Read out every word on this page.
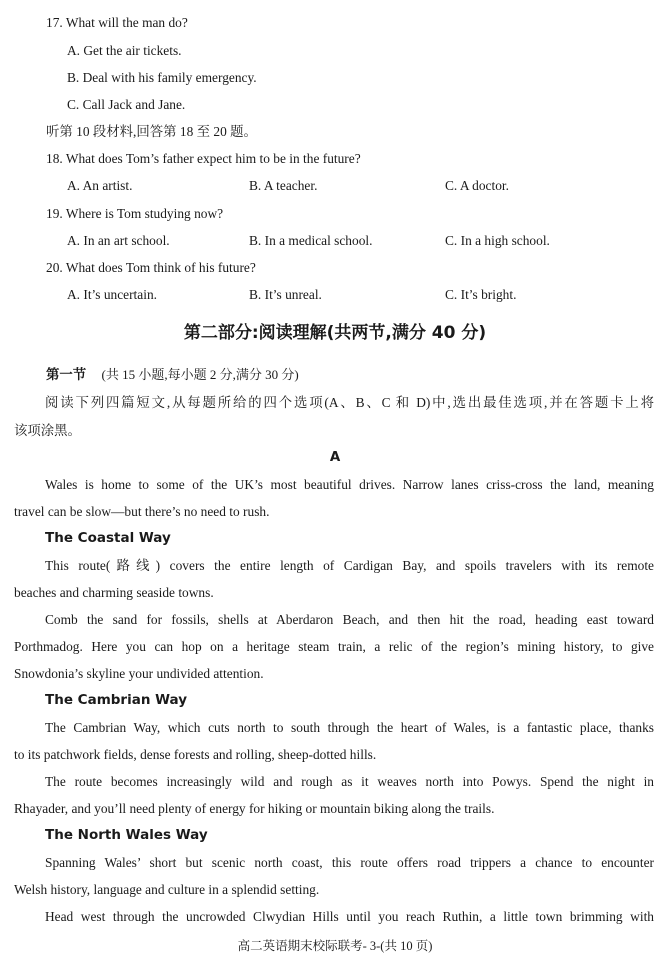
17. What will the man do?
A. Get the air tickets.
B. Deal with his family emergency.
C. Call Jack and Jane.
听第 10 段材料,回答第 18 至 20 题。
18. What does Tom’s father expect him to be in the future?
A. An artist.	B. A teacher.	C. A doctor.
19. Where is Tom studying now?
A. In an art school.	B. In a medical school.	C. In a high school.
20. What does Tom think of his future?
A. It’s uncertain.	B. It’s unreal.	C. It’s bright.
第二部分:阅读理解(共两节,满分 40 分)
第一节 (共 15 小题,每小题 2 分,满分 30 分)
阅读下列四篇短文,从每题所给的四个选项(A、B、C 和 D)中,选出最佳选项,并在答题卡上将
该项涂黑。
A
Wales is home to some of the UK’s most beautiful drives. Narrow lanes criss-cross the land, meaning
travel can be slow—but there’s no need to rush.
The Coastal Way
This route(路线) covers the entire length of Cardigan Bay, and spoils travelers with its remote
beaches and charming seaside towns.
Comb the sand for fossils, shells at Aberdaron Beach, and then hit the road, heading east toward
Porthmadog. Here you can hop on a heritage steam train, a relic of the region’s mining history, to give
Snowdonia’s skyline your undivided attention.
The Cambrian Way
The Cambrian Way, which cuts north to south through the heart of Wales, is a fantastic place, thanks
to its patchwork fields, dense forests and rolling, sheep-dotted hills.
The route becomes increasingly wild and rough as it weaves north into Powys. Spend the night in
Rhayader, and you’ll need plenty of energy for hiking or mountain biking along the trails.
The North Wales Way
Spanning Wales’ short but scenic north coast, this route offers road trippers a chance to encounter
Welsh history, language and culture in a splendid setting.
Head west through the uncrowded Clwydian Hills until you reach Ruthin, a little town brimming with
高二英语期末校际联考- 3-(共 10 页)
